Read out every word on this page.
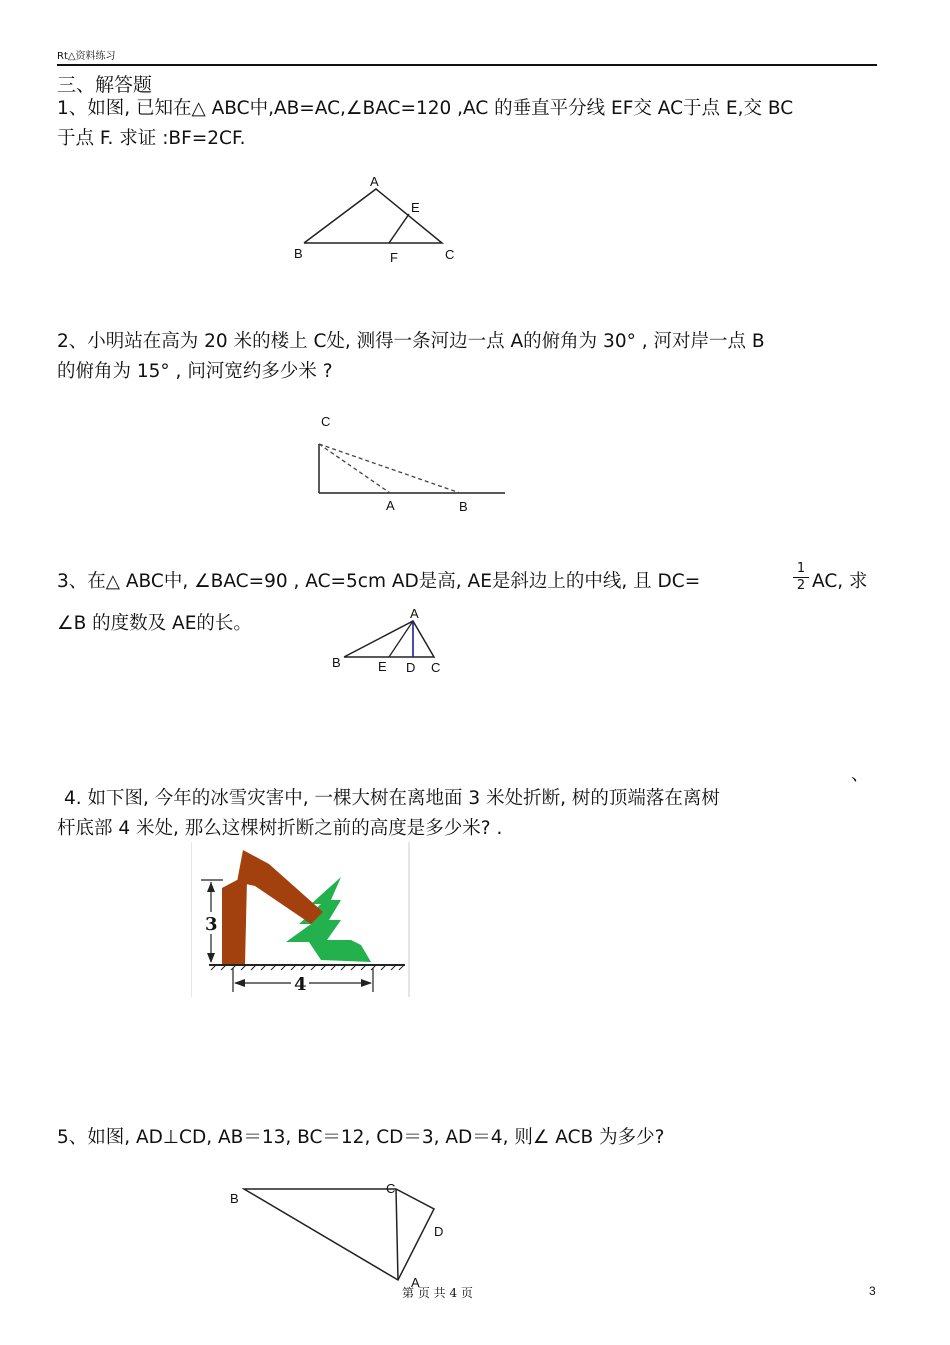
Rt△资料练习
三、解答题
1、如图, 已知在△ ABC中,AB=AC,∠BAC=120 ,AC 的垂直平分线 EF交 AC于点 E,交 BC
于点 F. 求证 :BF=2CF.
A
E
B	F	C
2、小明站在高为 20 米的楼上 C处, 测得一条河边一点 A的俯角为 30° , 河对岸一点 B
的俯角为 15° , 问河宽约多少米 ?
C
A	B
3、在△ ABC中, ∠BAC=90 , AC=5cm AD是高, AE是斜边上的中线, 且 DC=
1
2 AC, 求
∠B 的度数及 AE的长。	A
B	E D C
、
4. 如下图, 今年的冰雪灾害中, 一棵大树在离地面 3 米处折断, 树的顶端落在离树
杆底部 4 米处, 那么这棵树折断之前的高度是多少米? .
3
4
5、如图, AD⊥CD, AB＝13, BC＝12, CD＝3, AD＝4, 则∠ ACB 为多少?
B
C
D
A
第 页 共 4 页	3
